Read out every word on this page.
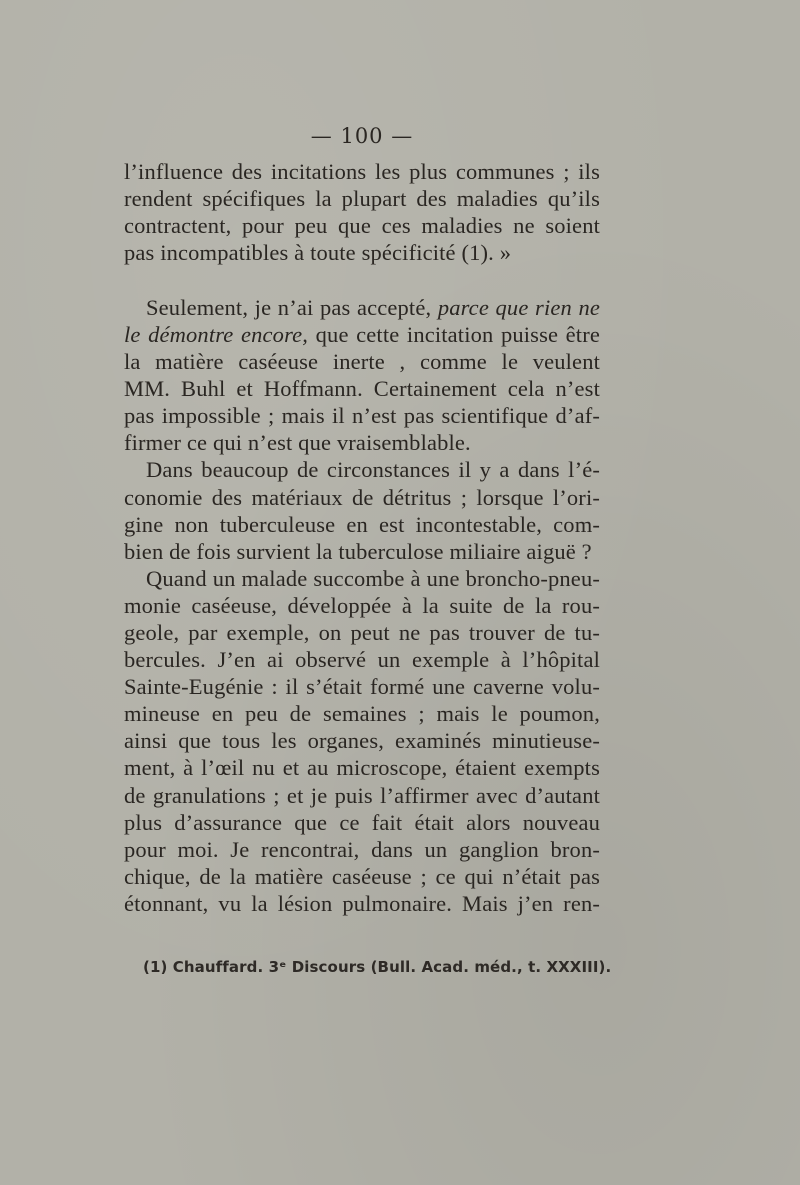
— 100 —
l’influence des incitations les plus communes ; ils
rendent spécifiques la plupart des maladies qu’ils
contractent, pour peu que ces maladies ne soient
pas incompatibles à toute spécificité (1). »
Seulement, je n’ai pas accepté, parce que rien ne
le démontre encore, que cette incitation puisse être
la matière caséeuse inerte , comme le veulent
MM. Buhl et Hoffmann. Certainement cela n’est
pas impossible ; mais il n’est pas scientifique d’af-
firmer ce qui n’est que vraisemblable.
Dans beaucoup de circonstances il y a dans l’é-
conomie des matériaux de détritus ; lorsque l’ori-
gine non tuberculeuse en est incontestable, com-
bien de fois survient la tuberculose miliaire aiguë ?
Quand un malade succombe à une broncho-pneu-
monie caséeuse, développée à la suite de la rou-
geole, par exemple, on peut ne pas trouver de tu-
bercules. J’en ai observé un exemple à l’hôpital
Sainte-Eugénie : il s’était formé une caverne volu-
mineuse en peu de semaines ; mais le poumon,
ainsi que tous les organes, examinés minutieuse-
ment, à l’œil nu et au microscope, étaient exempts
de granulations ; et je puis l’affirmer avec d’autant
plus d’assurance que ce fait était alors nouveau
pour moi. Je rencontrai, dans un ganglion bron-
chique, de la matière caséeuse ; ce qui n’était pas
étonnant, vu la lésion pulmonaire. Mais j’en ren-
(1) Chauffard. 3ᵉ Discours (Bull. Acad. méd., t. XXXIII).
